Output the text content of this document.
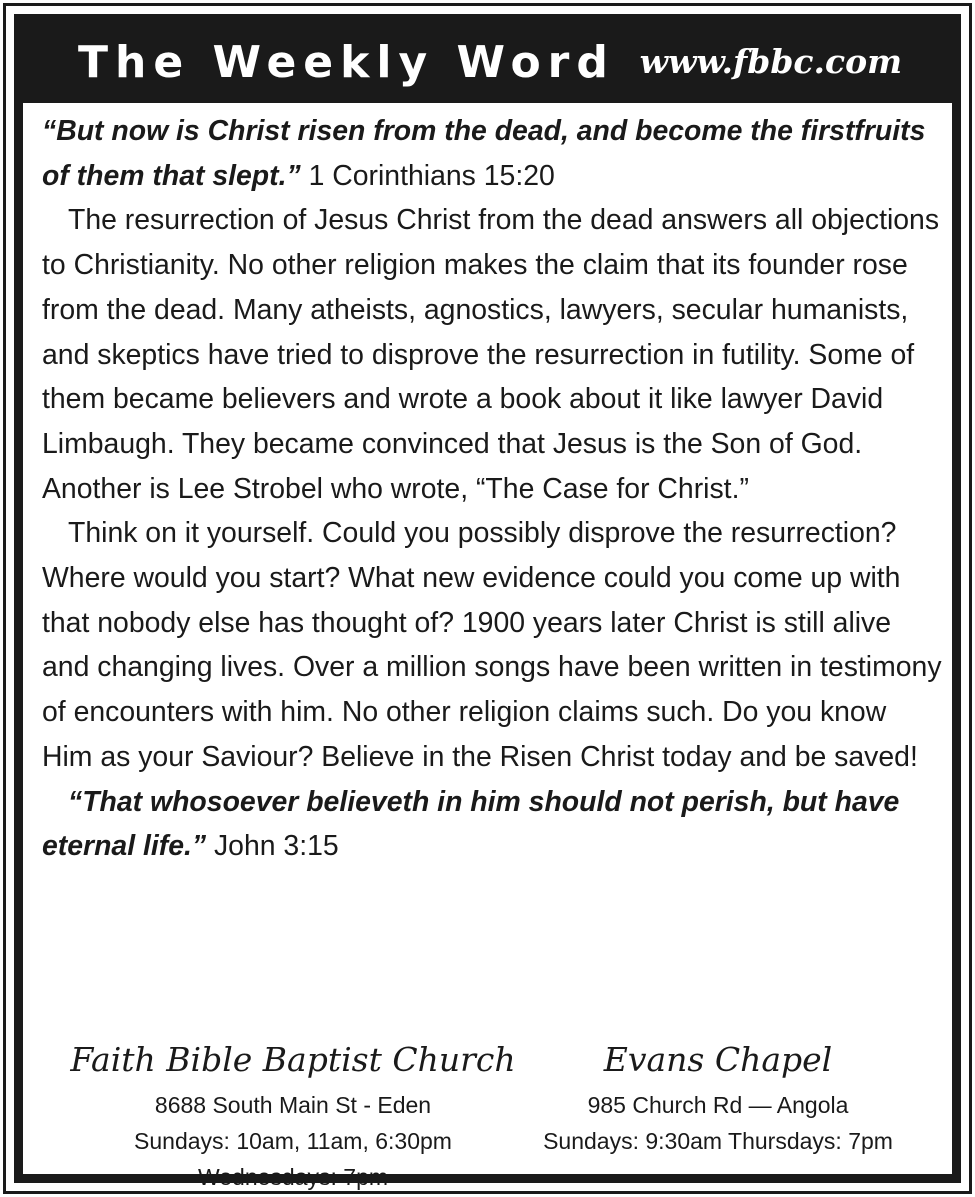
The Weekly Word www.fbbc.com

“But now is Christ risen from the dead, and become the firstfruits of them that slept.” 1 Corinthians 15:20

The resurrection of Jesus Christ from the dead answers all objections to Christianity. No other religion makes the claim that its founder rose from the dead. Many atheists, agnostics, lawyers, secular humanists, and skeptics have tried to disprove the resurrection in futility. Some of them became believers and wrote a book about it like lawyer David Limbaugh. They became convinced that Jesus is the Son of God. Another is Lee Strobel who wrote, “The Case for Christ.”

Think on it yourself. Could you possibly disprove the resurrection? Where would you start? What new evidence could you come up with that nobody else has thought of? 1900 years later Christ is still alive and changing lives. Over a million songs have been written in testimony of encounters with him. No other religion claims such. Do you know Him as your Saviour? Believe in the Risen Christ today and be saved!

“That whosoever believeth in him should not perish, but have eternal life.” John 3:15

Faith Bible Baptist Church
8688 South Main St - Eden
Sundays: 10am, 11am, 6:30pm
Wednesdays: 7pm
Evans Chapel
985 Church Rd — Angola
Sundays: 9:30am Thursdays: 7pm
